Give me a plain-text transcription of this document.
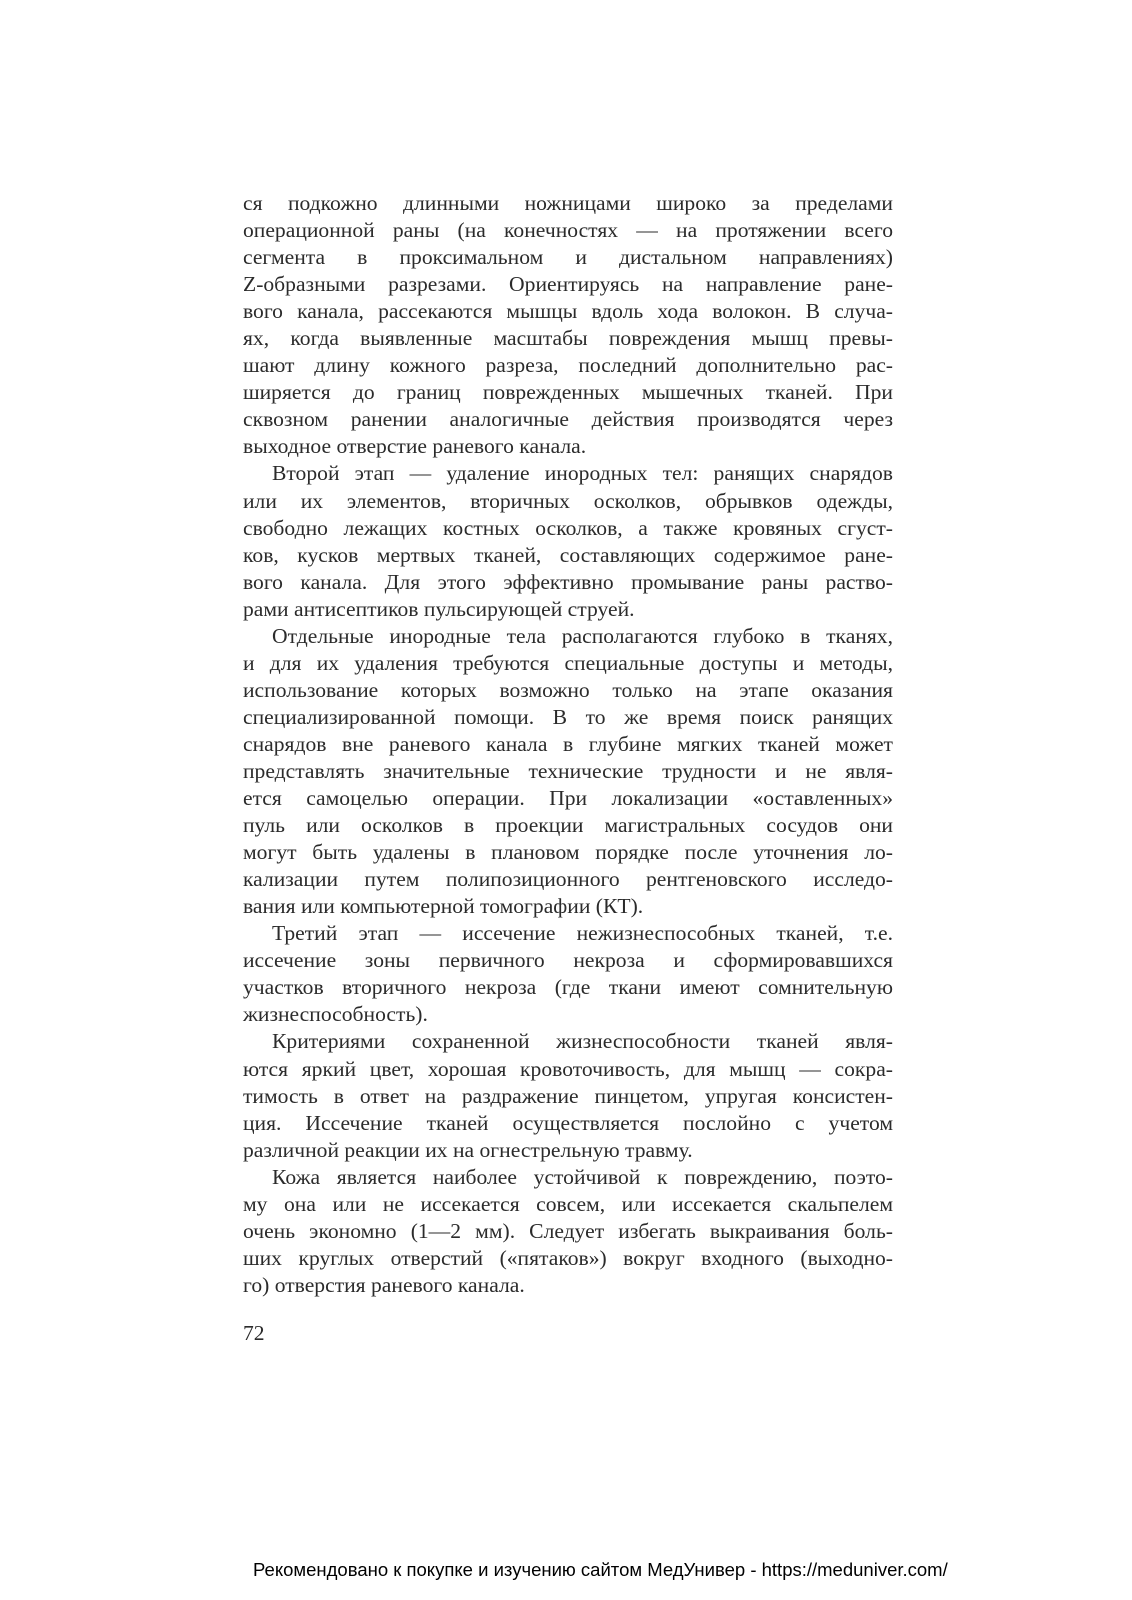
ся подкожно длинными ножницами широко за пределами
операционной раны (на конечностях — на протяжении всего
сегмента в проксимальном и дистальном направлениях)
Z-образными разрезами. Ориентируясь на направление ране-
вого канала, рассекаются мышцы вдоль хода волокон. В случа-
ях, когда выявленные масштабы повреждения мышц превы-
шают длину кожного разреза, последний дополнительно рас-
ширяется до границ поврежденных мышечных тканей. При
сквозном ранении аналогичные действия производятся через
выходное отверстие раневого канала.
Второй этап — удаление инородных тел: ранящих снарядов
или их элементов, вторичных осколков, обрывков одежды,
свободно лежащих костных осколков, а также кровяных сгуст-
ков, кусков мертвых тканей, составляющих содержимое ране-
вого канала. Для этого эффективно промывание раны раство-
рами антисептиков пульсирующей струей.
Отдельные инородные тела располагаются глубоко в тканях,
и для их удаления требуются специальные доступы и методы,
использование которых возможно только на этапе оказания
специализированной помощи. В то же время поиск ранящих
снарядов вне раневого канала в глубине мягких тканей может
представлять значительные технические трудности и не явля-
ется самоцелью операции. При локализации «оставленных»
пуль или осколков в проекции магистральных сосудов они
могут быть удалены в плановом порядке после уточнения ло-
кализации путем полипозиционного рентгеновского исследо-
вания или компьютерной томографии (КТ).
Третий этап — иссечение нежизнеспособных тканей, т.е.
иссечение зоны первичного некроза и сформировавшихся
участков вторичного некроза (где ткани имеют сомнительную
жизнеспособность).
Критериями сохраненной жизнеспособности тканей явля-
ются яркий цвет, хорошая кровоточивость, для мышц — сокра-
тимость в ответ на раздражение пинцетом, упругая консистен-
ция. Иссечение тканей осуществляется послойно с учетом
различной реакции их на огнестрельную травму.
Кожа является наиболее устойчивой к повреждению, поэто-
му она или не иссекается совсем, или иссекается скальпелем
очень экономно (1—2 мм). Следует избегать выкраивания боль-
ших круглых отверстий («пятаков») вокруг входного (выходно-
го) отверстия раневого канала.
72
Рекомендовано к покупке и изучению сайтом МедУнивер - https://meduniver.com/
